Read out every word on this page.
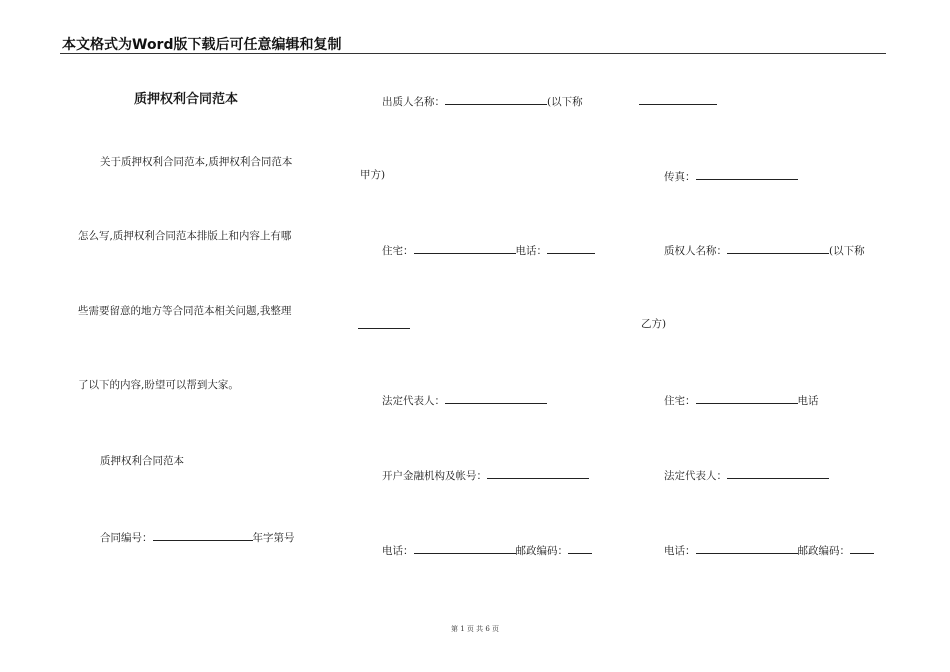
本文格式为Word版下载后可任意编辑和复制
质押权利合同范本
关于质押权利合同范本,质押权利合同范本
怎么写,质押权利合同范本排版上和内容上有哪
些需要留意的地方等合同范本相关问题,我整理
了以下的内容,盼望可以帮到大家。
质押权利合同范本
合同编号：	年字第号
出质人名称：	(以下称
甲方)
住宅：	电话：
法定代表人：
开户金融机构及帐号：
电话：	邮政编码：
传真：
质权人名称：	(以下称
乙方)
住宅：	电话
法定代表人：
电话：	邮政编码：
第 1 页 共 6 页
